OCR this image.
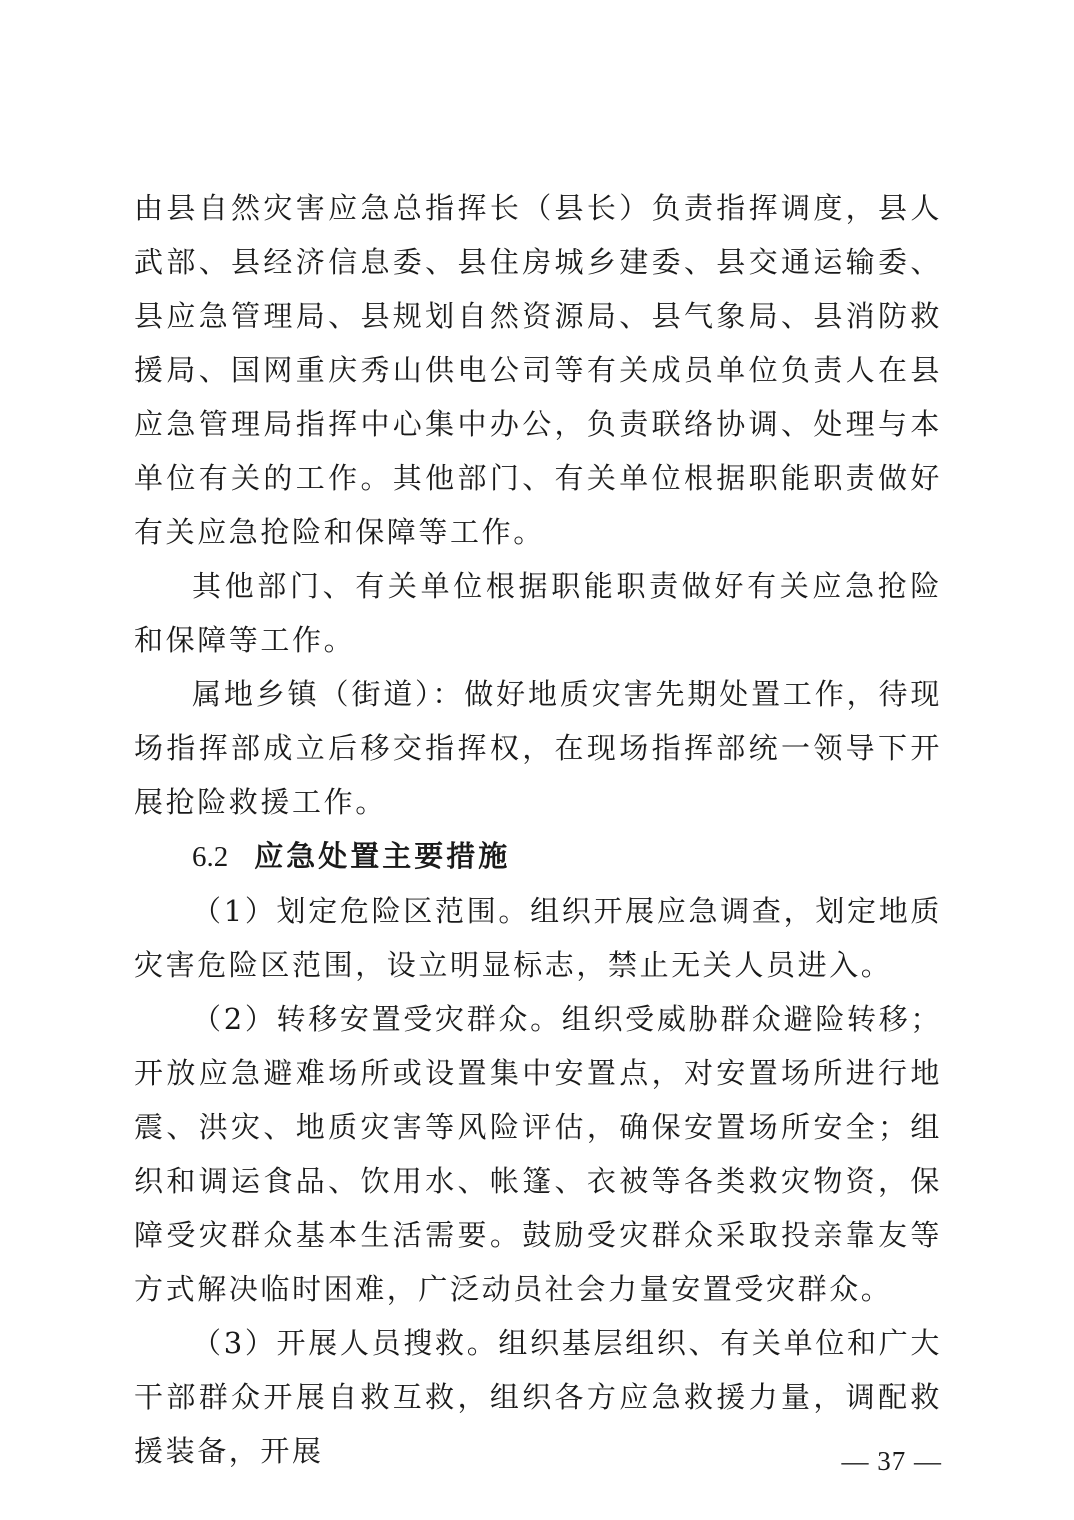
由县自然灾害应急总指挥长（县长）负责指挥调度，县人武部、县经济信息委、县住房城乡建委、县交通运输委、县应急管理局、县规划自然资源局、县气象局、县消防救援局、国网重庆秀山供电公司等有关成员单位负责人在县应急管理局指挥中心集中办公，负责联络协调、处理与本单位有关的工作。其他部门、有关单位根据职能职责做好有关应急抢险和保障等工作。

其他部门、有关单位根据职能职责做好有关应急抢险和保障等工作。

属地乡镇（街道）：做好地质灾害先期处置工作，待现场指挥部成立后移交指挥权，在现场指挥部统一领导下开展抢险救援工作。

6.2 应急处置主要措施

（1）划定危险区范围。组织开展应急调查，划定地质灾害危险区范围，设立明显标志，禁止无关人员进入。

（2）转移安置受灾群众。组织受威胁群众避险转移；开放应急避难场所或设置集中安置点，对安置场所进行地震、洪灾、地质灾害等风险评估，确保安置场所安全；组织和调运食品、饮用水、帐篷、衣被等各类救灾物资，保障受灾群众基本生活需要。鼓励受灾群众采取投亲靠友等方式解决临时困难，广泛动员社会力量安置受灾群众。

（3）开展人员搜救。组织基层组织、有关单位和广大干部群众开展自救互救，组织各方应急救援力量，调配救援装备，开展	— 37 —
